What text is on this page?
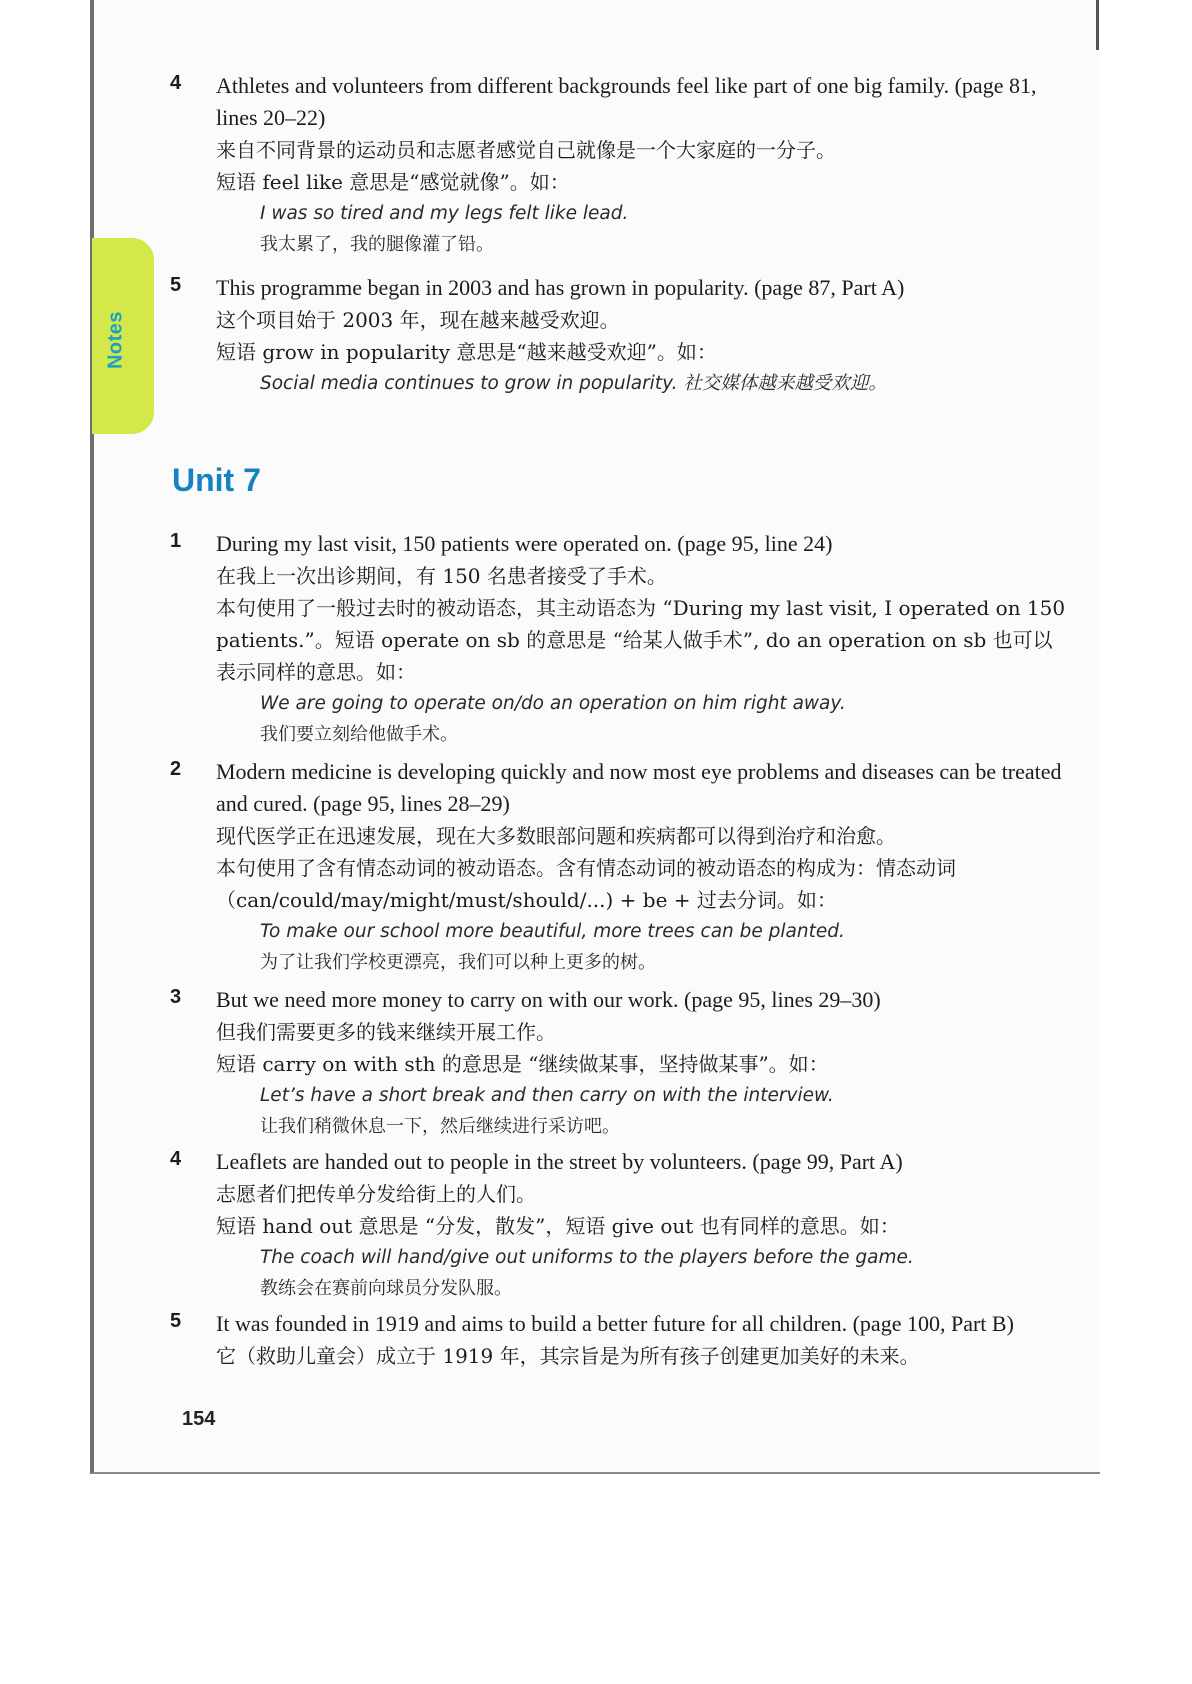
Notes
4	Athletes and volunteers from different backgrounds feel like part of one big family. (page 81, lines 20–22)
来自不同背景的运动员和志愿者感觉自己就像是一个大家庭的一分子。
短语 feel like 意思是“感觉就像”。如：
I was so tired and my legs felt like lead.
我太累了，我的腿像灌了铅。
5	This programme began in 2003 and has grown in popularity. (page 87, Part A)
这个项目始于 2003 年，现在越来越受欢迎。
短语 grow in popularity 意思是“越来越受欢迎”。如：
Social media continues to grow in popularity. 社交媒体越来越受欢迎。
Unit 7
1	During my last visit, 150 patients were operated on. (page 95, line 24)
在我上一次出诊期间，有 150 名患者接受了手术。
本句使用了一般过去时的被动语态，其主动语态为 “During my last visit, I operated on 150 patients.”。短语 operate on sb 的意思是 “给某人做手术”, do an operation on sb 也可以表示同样的意思。如：
We are going to operate on/do an operation on him right away.
我们要立刻给他做手术。
2	Modern medicine is developing quickly and now most eye problems and diseases can be treated and cured. (page 95, lines 28–29)
现代医学正在迅速发展，现在大多数眼部问题和疾病都可以得到治疗和治愈。
本句使用了含有情态动词的被动语态。含有情态动词的被动语态的构成为：情态动词（can/could/may/might/must/should/...) + be + 过去分词。如：
To make our school more beautiful, more trees can be planted.
为了让我们学校更漂亮，我们可以种上更多的树。
3	But we need more money to carry on with our work. (page 95, lines 29–30)
但我们需要更多的钱来继续开展工作。
短语 carry on with sth 的意思是 “继续做某事，坚持做某事”。如：
Let’s have a short break and then carry on with the interview.
让我们稍微休息一下，然后继续进行采访吧。
4	Leaflets are handed out to people in the street by volunteers. (page 99, Part A)
志愿者们把传单分发给街上的人们。
短语 hand out 意思是 “分发，散发”，短语 give out 也有同样的意思。如：
The coach will hand/give out uniforms to the players before the game.
教练会在赛前向球员分发队服。
5	It was founded in 1919 and aims to build a better future for all children. (page 100, Part B)
它（救助儿童会）成立于 1919 年，其宗旨是为所有孩子创建更加美好的未来。
154
